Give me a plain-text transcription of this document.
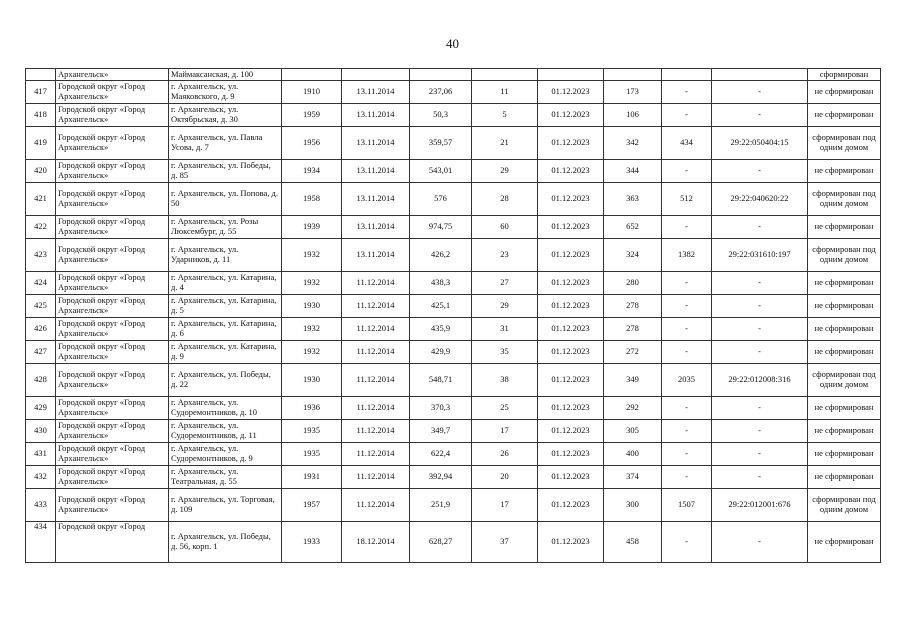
40
	Архангельск»	Маймаксанская, д. 100									сформирован
417	Городской округ «Город Архангельск»	г. Архангельск, ул. Маяковского, д. 9	1910	13.11.2014	237,06	11	01.12.2023	173	-	-	не сформирован
418	Городской округ «Город Архангельск»	г. Архангельск, ул. Октябрьская, д. 30	1959	13.11.2014	50,3	5	01.12.2023	106	-	-	не сформирован
419	Городской округ «Город Архангельск»	г. Архангельск, ул. Павла Усова, д. 7	1956	13.11.2014	359,57	21	01.12.2023	342	434	29:22:050404:15	сформирован под одним домом
420	Городской округ «Город Архангельск»	г. Архангельск, ул. Победы, д. 85	1934	13.11.2014	543,01	29	01.12.2023	344	-	-	не сформирован
421	Городской округ «Город Архангельск»	г. Архангельск, ул. Попова, д. 50	1958	13.11.2014	576	28	01.12.2023	363	512	29:22:040620:22	сформирован под одним домом
422	Городской округ «Город Архангельск»	г. Архангельск, ул. Розы Люксембург, д. 55	1939	13.11.2014	974,75	60	01.12.2023	652	-	-	не сформирован
423	Городской округ «Город Архангельск»	г. Архангельск, ул. Ударников, д. 11	1932	13.11.2014	426,2	23	01.12.2023	324	1382	29:22:031610:197	сформирован под одним домом
424	Городской округ «Город Архангельск»	г. Архангельск, ул. Катарина, д. 4	1932	11.12.2014	438,3	27	01.12.2023	280	-	-	не сформирован
425	Городской округ «Город Архангельск»	г. Архангельск, ул. Катарина, д. 5	1930	11.12.2014	425,1	29	01.12.2023	278	-	-	не сформирован
426	Городской округ «Город Архангельск»	г. Архангельск, ул. Катарина, д. 6	1932	11.12.2014	435,9	31	01.12.2023	278	-	-	не сформирован
427	Городской округ «Город Архангельск»	г. Архангельск, ул. Катарина, д. 9	1932	11.12.2014	429,9	35	01.12.2023	272	-	-	не сформирован
428	Городской округ «Город Архангельск»	г. Архангельск, ул. Победы, д. 22	1930	11.12.2014	548,71	38	01.12.2023	349	2035	29:22:012008:316	сформирован под одним домом
429	Городской округ «Город Архангельск»	г. Архангельск, ул. Судоремонтников, д. 10	1936	11.12.2014	370,3	25	01.12.2023	292	-	-	не сформирован
430	Городской округ «Город Архангельск»	г. Архангельск, ул. Судоремонтников, д. 11	1935	11.12.2014	349,7	17	01.12.2023	305	-	-	не сформирован
431	Городской округ «Город Архангельск»	г. Архангельск, ул. Судоремонтников, д. 9	1935	11.12.2014	622,4	26	01.12.2023	400	-	-	не сформирован
432	Городской округ «Город Архангельск»	г. Архангельск, ул. Театральная, д. 55	1931	11.12.2014	392,94	20	01.12.2023	374	-	-	не сформирован
433	Городской округ «Город Архангельск»	г. Архангельск, ул. Торговая, д. 109	1957	11.12.2014	251,9	17	01.12.2023	300	1507	29:22:012001:676	сформирован под одним домом
434	Городской округ «Город	г. Архангельск, ул. Победы, д. 56, корп. 1	1933	18.12.2014	628,27	37	01.12.2023	458	-	-	не сформирован
